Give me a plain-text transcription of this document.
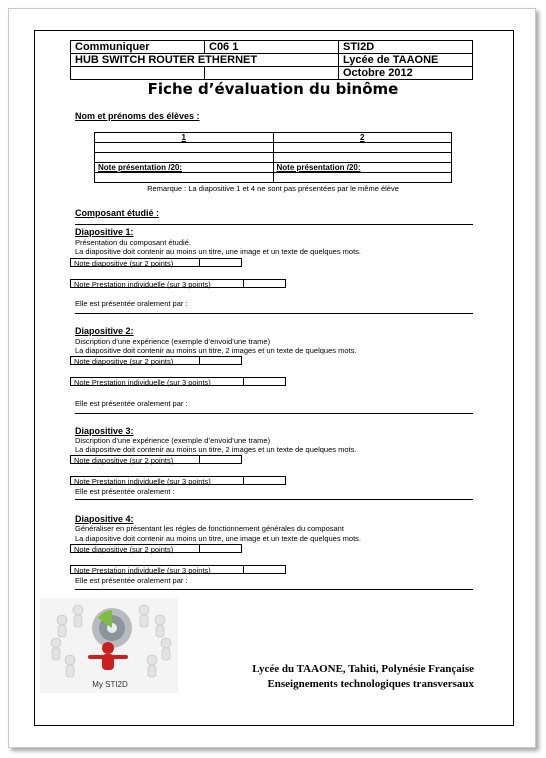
Communiquer	C06 1	STI2D
HUB SWITCH ROUTER ETHERNET		Lycée de TAAONE
		Octobre 2012
Fiche d’évaluation du binôme
Nom et prénoms des élèves :
1	2

Note présentation /20:	Note présentation /20:

Remarque : La diapositive 1 et 4 ne sont pas présentées par le même élève
Composant étudié :
Diapositive 1:
Présentation du composant étudié.
La diapositive doit contenir au moins un titre, une image et un texte de quelques mots.
Note diapositive (sur 2 points)
Note Prestation individuelle (sur 3 points)
Elle est présentée oralement par :
Diapositive 2:
Discription d’une expérience (exemple d’envoid’une trame)
La diapositive doit contenir au moins un titre, 2 images et un texte de quelques mots.
Note diapositive (sur 2 points)
Note Prestation individuelle (sur 3 points)
Elle est présentée oralement par :
Diapositive 3:
Discription d’une expérience (exemple d’envoid’une trame)
La diapositive doit contenir au moins un titre, 2 images et un texte de quelques mots.
Note diapositive (sur 2 points)
Note Prestation individuelle (sur 3 points)
Elle est présentée oralement :
Diapositive 4:
Généraliser en présentant les régles de fonctionnement générales du composant
La diapositive doit contenir au moins un titre, une image et un texte de quelques mots.
Note diapositive (sur 2 points)
Note Prestation individuelle (sur 3 points)
Elle est présentée oralement par :
My STI2D
Lycée du TAAONE, Tahiti, Polynésie Française
Enseignements technologiques transversaux
